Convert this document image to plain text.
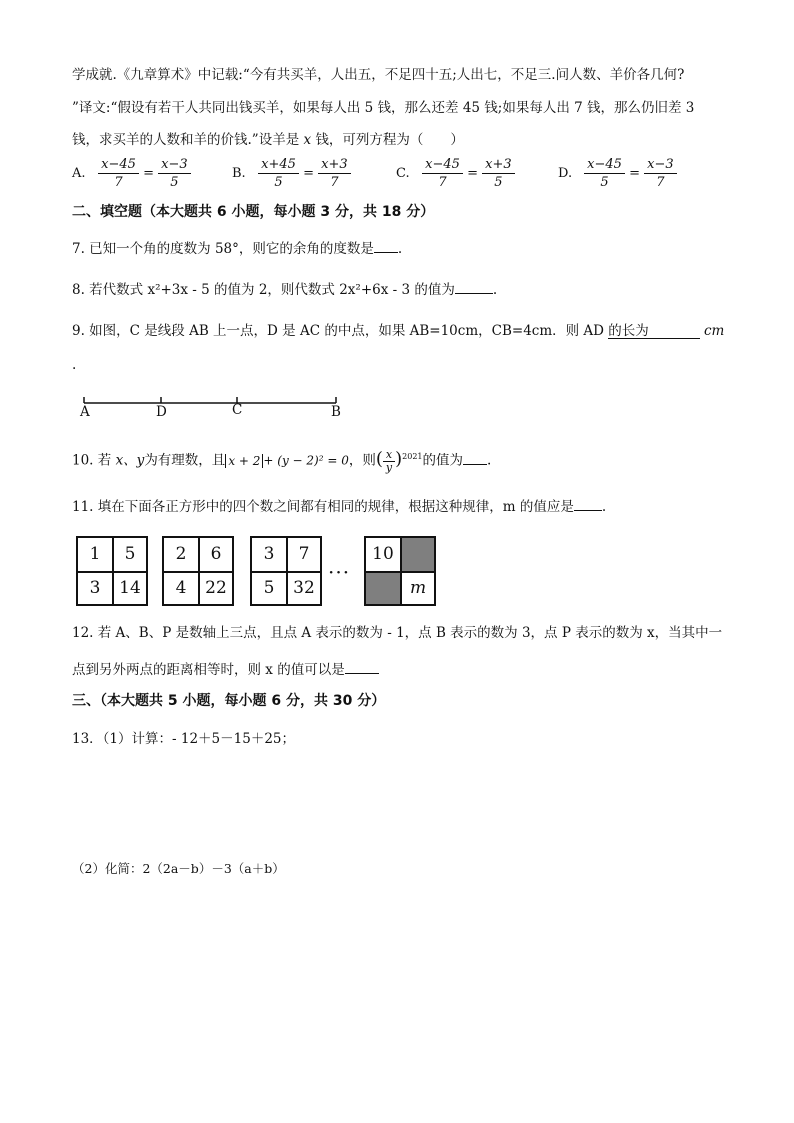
学成就.《九章算术》中记载:“今有共买羊，人出五，不足四十五;人出七，不足三.问人数、羊价各几何?
”译文:“假设有若干人共同出钱买羊，如果每人出 5 钱，那么还差 45 钱;如果每人出 7 钱，那么仍旧差 3
钱，求买羊的人数和羊的价钱.”设羊是 x 钱，可列方程为（　　）
A. $\frac{x-45}{7} = \frac{x-3}{5}$	B. $\frac{x+45}{5} = \frac{x+3}{7}$	C. $\frac{x-45}{7} = \frac{x+3}{5}$	D. $\frac{x-45}{5} = \frac{x-3}{7}$
二、填空题（本大题共 6 小题，每小题 3 分，共 18 分）
7. 已知一个角的度数为 58°，则它的余角的度数是 .
8. 若代数式 x²+3x - 5 的值为 2，则代数式 2x²+6x - 3 的值为	.
9. 如图，C 是线段 AB 上一点，D 是 AC 的中点，如果 AB=10cm，CB=4cm．则 AD 的长为	cm
.
A	D	C	B
10. 若 x、y为有理数，且 x + 2 + (y − 2)² = 0，则( $\frac{x}{y} )^{2021}$的值为 .
11. 填在下面各正方形中的四个数之间都有相同的规律，根据这种规律，m 的值应是 .
1	5
3	14
2	6
4	22
3	7
5	32
···
10
m
12. 若 A、B、P 是数轴上三点，且点 A 表示的数为 - 1，点 B 表示的数为 3，点 P 表示的数为 x，当其中一
点到另外两点的距离相等时，则 x 的值可以是
三、（本大题共 5 小题，每小题 6 分，共 30 分）
13．（1）计算：- 12＋5－15＋25；
（2）化简：2（2a－b）－3（a＋b）
